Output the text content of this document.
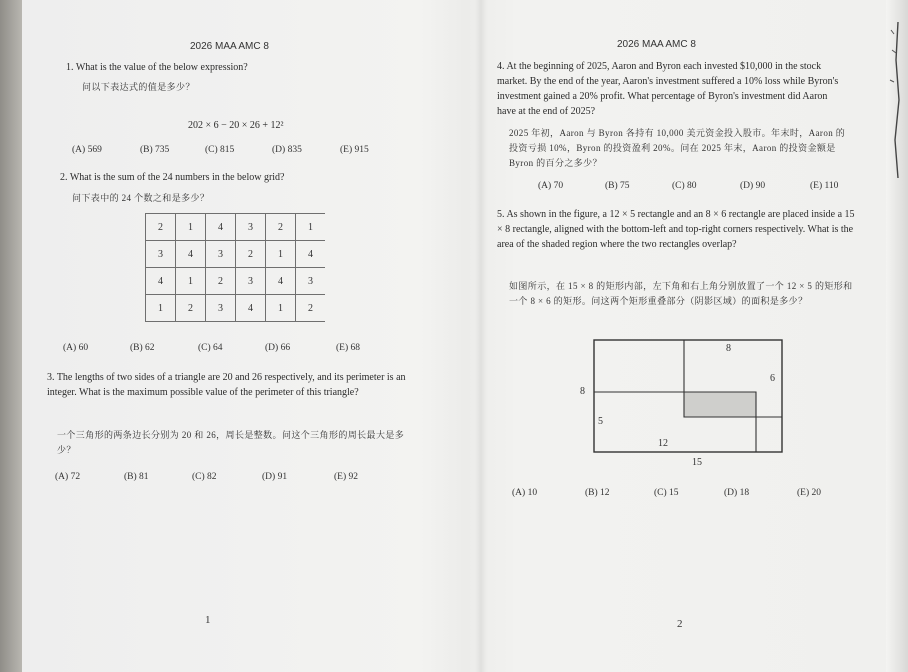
2026 MAA AMC 8
1. What is the value of the below expression?
问以下表达式的值是多少？
202 × 6 − 20 × 26 + 12²
(A) 569	(B) 735	(C) 815	(D) 835	(E) 915
2. What is the sum of the 24 numbers in the below grid?
问下表中的 24 个数之和是多少？
2	1	4	3	2	1
3	4	3	2	1	4
4	1	2	3	4	3
1	2	3	4	1	2
(A) 60	(B) 62	(C) 64	(D) 66	(E) 68
3. The lengths of two sides of a triangle are 20 and 26 respectively, and its perimeter is an integer. What is the maximum possible value of the perimeter of this triangle?
一个三角形的两条边长分别为 20 和 26，周长是整数。问这个三角形的周长最大是多少？
(A) 72	(B) 81	(C) 82	(D) 91	(E) 92
1
2026 MAA AMC 8
4. At the beginning of 2025, Aaron and Byron each invested $10,000 in the stock market. By the end of the year, Aaron's investment suffered a 10% loss while Byron's investment gained a 20% profit. What percentage of Byron's investment did Aaron have at the end of 2025?
2025 年初，Aaron 与 Byron 各持有 10,000 美元资金投入股市。年末时，Aaron 的投资亏损 10%，Byron 的投资盈利 20%。问在 2025 年末，Aaron 的投资金额是 Byron 的百分之多少？
(A) 70	(B) 75	(C) 80	(D) 90	(E) 110
5. As shown in the figure, a 12 × 5 rectangle and an 8 × 6 rectangle are placed inside a 15 × 8 rectangle, aligned with the bottom-left and top-right corners respectively. What is the area of the shaded region where the two rectangles overlap?
如图所示，在 15 × 8 的矩形内部，左下角和右上角分别放置了一个 12 × 5 的矩形和一个 8 × 6 的矩形。问这两个矩形重叠部分（阴影区域）的面积是多少？
8
6
8
5
12
15
(A) 10	(B) 12	(C) 15	(D) 18	(E) 20
2
